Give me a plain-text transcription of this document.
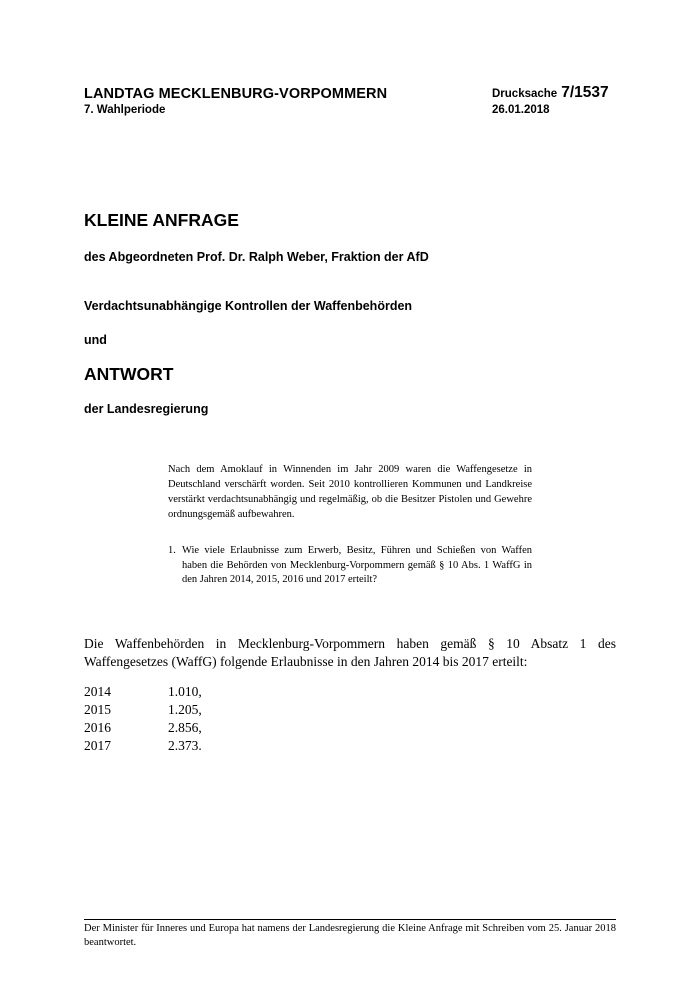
LANDTAG MECKLENBURG-VORPOMMERN
7. Wahlperiode
Drucksache 7/1537
26.01.2018
KLEINE ANFRAGE
des Abgeordneten Prof. Dr. Ralph Weber, Fraktion der AfD
Verdachtsunabhängige Kontrollen der Waffenbehörden
und
ANTWORT
der Landesregierung
Nach dem Amoklauf in Winnenden im Jahr 2009 waren die Waffengesetze in Deutschland verschärft worden. Seit 2010 kontrollieren Kommunen und Landkreise verstärkt verdachtsunabhängig und regelmäßig, ob die Besitzer Pistolen und Gewehre ordnungsgemäß aufbewahren.
1. Wie viele Erlaubnisse zum Erwerb, Besitz, Führen und Schießen von Waffen haben die Behörden von Mecklenburg-Vorpommern gemäß § 10 Abs. 1 WaffG in den Jahren 2014, 2015, 2016 und 2017 erteilt?
Die Waffenbehörden in Mecklenburg-Vorpommern haben gemäß § 10 Absatz 1 des Waffengesetzes (WaffG) folgende Erlaubnisse in den Jahren 2014 bis 2017 erteilt:
2014	1.010,
2015	1.205,
2016	2.856,
2017	2.373.
Der Minister für Inneres und Europa hat namens der Landesregierung die Kleine Anfrage mit Schreiben vom 25. Januar 2018 beantwortet.
